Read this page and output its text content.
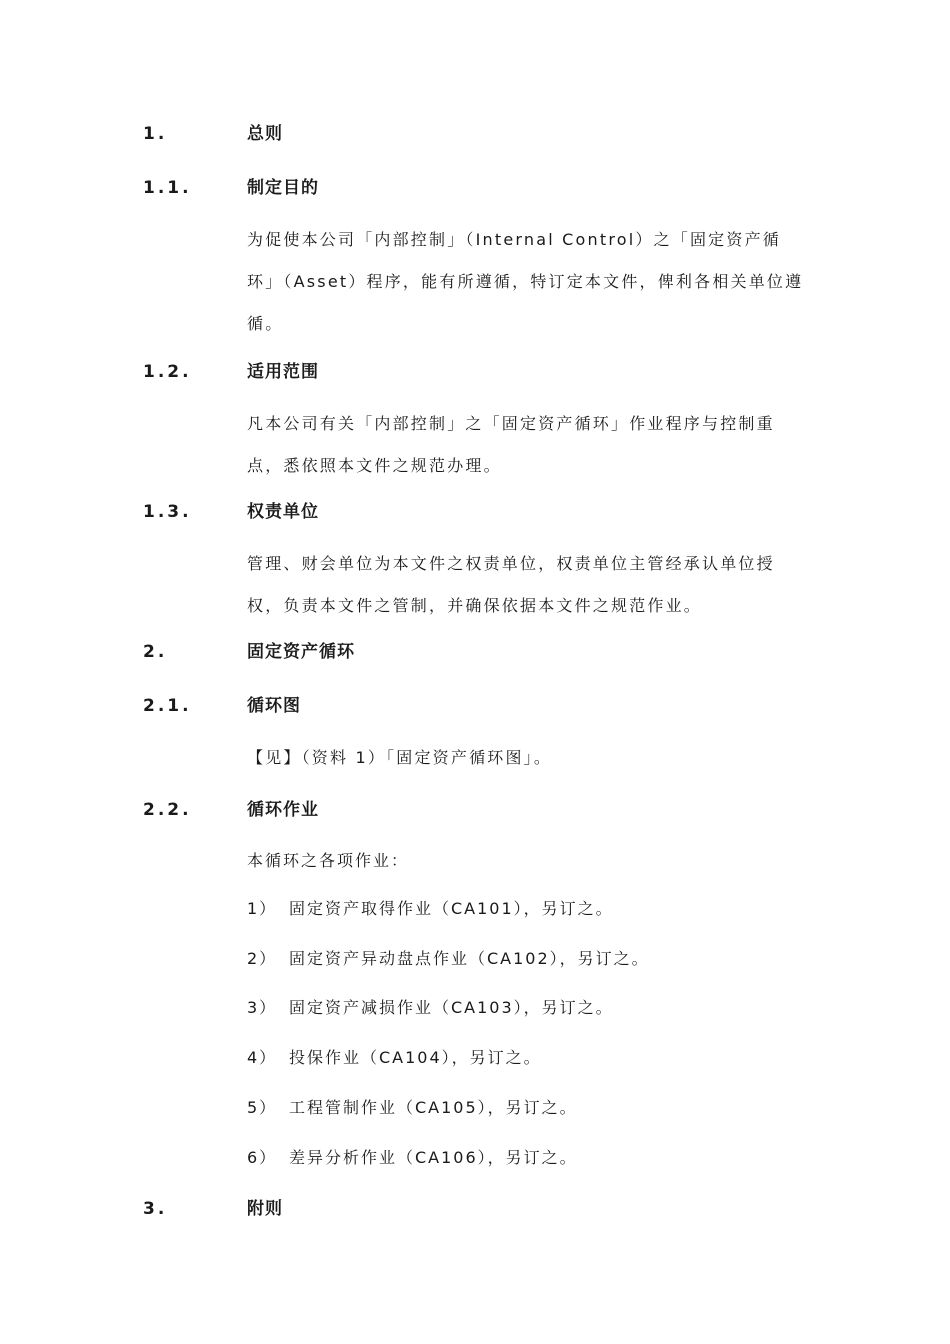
1.	总则
1.1.	制定目的
为促使本公司「内部控制」（Internal Control）之「固定资产循环」（Asset）程序，能有所遵循，特订定本文件，俾利各相关单位遵循。
1.2.	适用范围
凡本公司有关「内部控制」之「固定资产循环」作业程序与控制重点，悉依照本文件之规范办理。
1.3.	权责单位
管理、财会单位为本文件之权责单位，权责单位主管经承认单位授权，负责本文件之管制，并确保依据本文件之规范作业。
2.	固定资产循环
2.1.	循环图
【见】（资料 1）「固定资产循环图」。
2.2.	循环作业
本循环之各项作业：
1） 固定资产取得作业（CA101），另订之。
2） 固定资产异动盘点作业（CA102），另订之。
3） 固定资产减损作业（CA103），另订之。
4） 投保作业（CA104），另订之。
5） 工程管制作业（CA105），另订之。
6） 差异分析作业（CA106），另订之。
3.	附则
